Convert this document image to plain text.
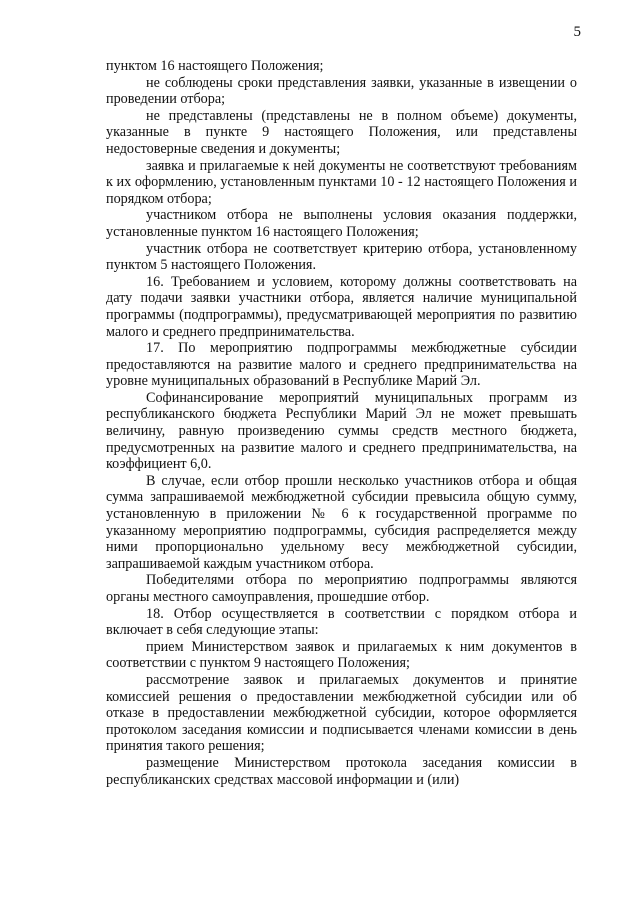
5

пунктом 16 настоящего Положения;

не соблюдены сроки представления заявки, указанные в извещении о проведении отбора;

не представлены (представлены не в полном объеме) документы, указанные в пункте 9 настоящего Положения, или представлены недостоверные сведения и документы;

заявка и прилагаемые к ней документы не соответствуют требованиям к их оформлению, установленным пунктами 10 - 12 настоящего Положения и порядком отбора;

участником отбора не выполнены условия оказания поддержки, установленные пунктом 16 настоящего Положения;

участник отбора не соответствует критерию отбора, установленному пунктом 5 настоящего Положения.

16. Требованием и условием, которому должны соответствовать на дату подачи заявки участники отбора, является наличие муниципальной программы (подпрограммы), предусматривающей мероприятия по развитию малого и среднего предпринимательства.

17. По мероприятию подпрограммы межбюджетные субсидии предоставляются на развитие малого и среднего предпринимательства на уровне муниципальных образований в Республике Марий Эл.

Софинансирование мероприятий муниципальных программ из республиканского бюджета Республики Марий Эл не может превышать величину, равную произведению суммы средств местного бюджета, предусмотренных на развитие малого и среднего предпринимательства, на коэффициент 6,0.

В случае, если отбор прошли несколько участников отбора и общая сумма запрашиваемой межбюджетной субсидии превысила общую сумму, установленную в приложении № 6 к государственной программе по указанному мероприятию подпрограммы, субсидия распределяется между ними пропорционально удельному весу межбюджетной субсидии, запрашиваемой каждым участником отбора.

Победителями отбора по мероприятию подпрограммы являются органы местного самоуправления, прошедшие отбор.

18. Отбор осуществляется в соответствии с порядком отбора и включает в себя следующие этапы:

прием Министерством заявок и прилагаемых к ним документов в соответствии с пунктом 9 настоящего Положения;

рассмотрение заявок и прилагаемых документов и принятие комиссией решения о предоставлении межбюджетной субсидии или об отказе в предоставлении межбюджетной субсидии, которое оформляется протоколом заседания комиссии и подписывается членами комиссии в день принятия такого решения;

размещение Министерством протокола заседания комиссии в республиканских средствах массовой информации и (или)
